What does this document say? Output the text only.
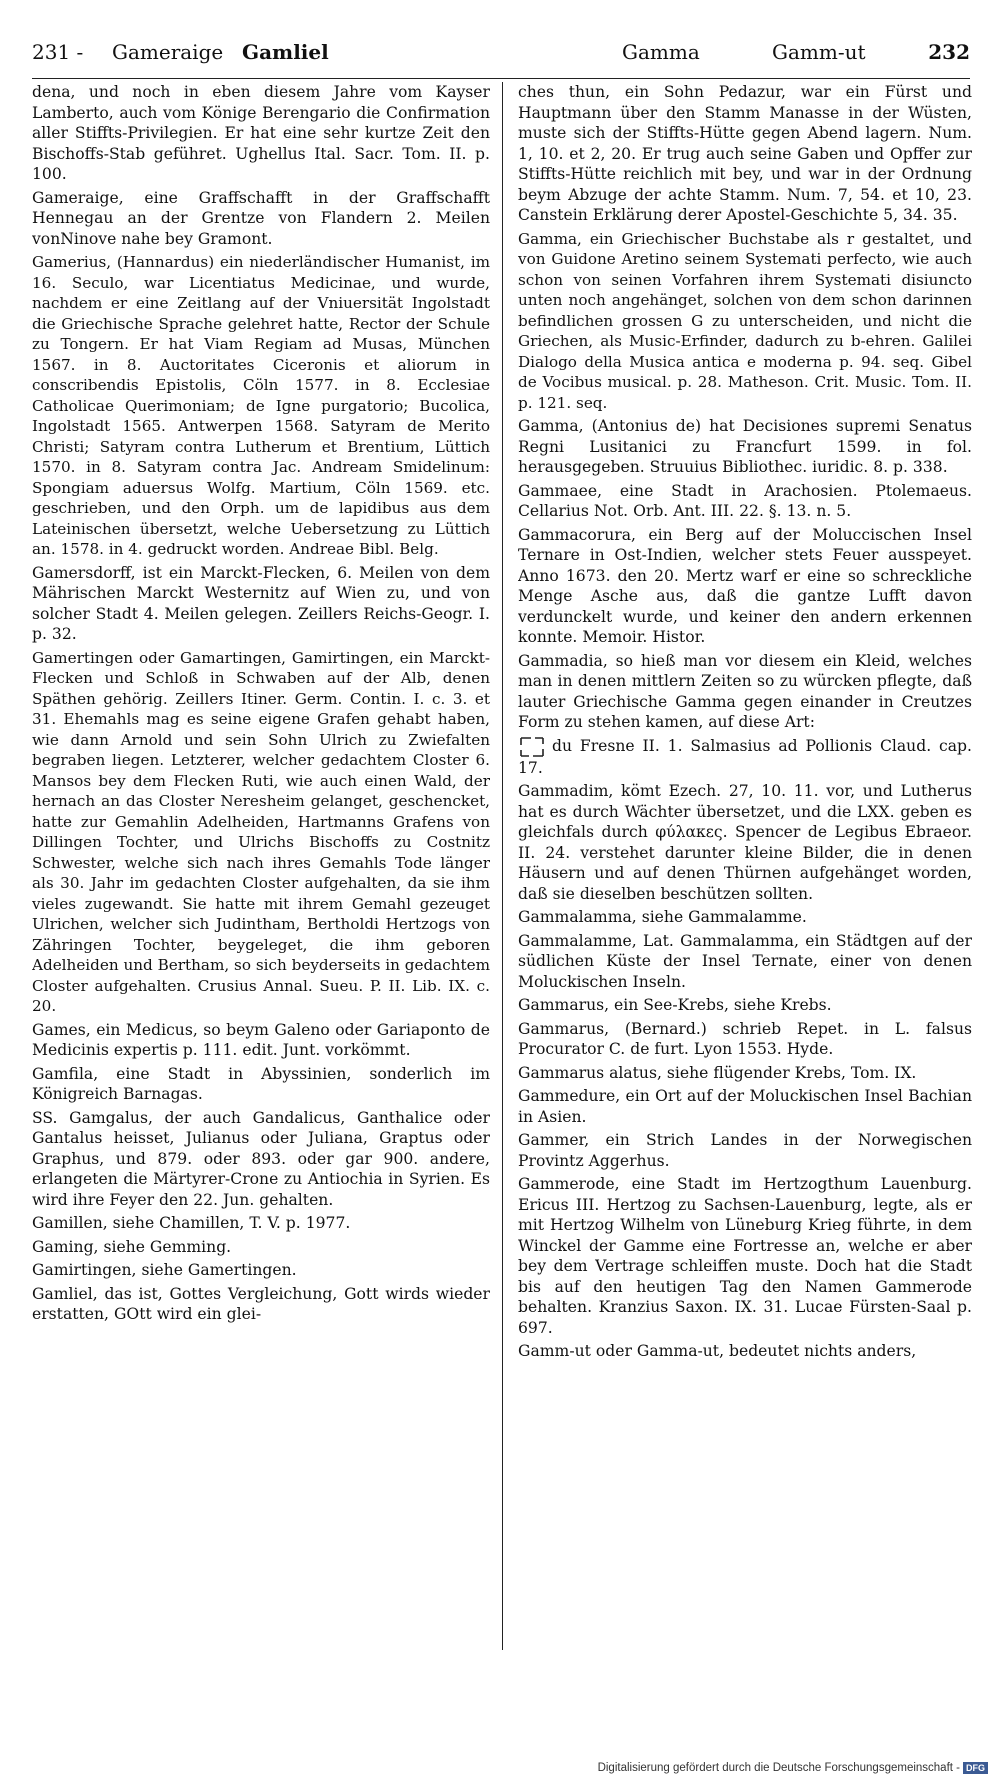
231 - Gameraige Gamliel	Gamma	Gamm-ut	232

dena, und noch in eben diesem Jahre vom Kayser Lamberto, auch vom Könige Berengario die Confirmation aller Stiffts-Privilegien. Er hat eine sehr kurtze Zeit den Bischoffs-Stab geführet. Ughellus Ital. Sacr. Tom. II. p. 100.

Gameraige, eine Graffschafft in der Graffschafft Hennegau an der Grentze von Flandern 2. Meilen vonNinove nahe bey Gramont.

Gamerius, (Hannardus) ein niederländischer Humanist, im 16. Seculo, war Licentiatus Medicinae, und wurde, nachdem er eine Zeitlang auf der Vniuersität Ingolstadt die Griechische Sprache gelehret hatte, Rector der Schule zu Tongern. Er hat Viam Regiam ad Musas, München 1567. in 8. Auctoritates Ciceronis et aliorum in conscribendis Epistolis, Cöln 1577. in 8. Ecclesiae Catholicae Querimoniam; de Igne purgatorio; Bucolica, Ingolstadt 1565. Antwerpen 1568. Satyram de Merito Christi; Satyram contra Lutherum et Brentium, Lüttich 1570. in 8. Satyram contra Jac. Andream Smidelinum: Spongiam aduersus Wolfg. Martium, Cöln 1569. etc. geschrieben, und den Orph. um de lapidibus aus dem Lateinischen übersetzt, welche Uebersetzung zu Lüttich an. 1578. in 4. gedruckt worden. Andreae Bibl. Belg.

Gamersdorff, ist ein Marckt-Flecken, 6. Meilen von dem Mährischen Marckt Westernitz auf Wien zu, und von solcher Stadt 4. Meilen gelegen. Zeillers Reichs-Geogr. I. p. 32.

Gamertingen oder Gamartingen, Gamirtingen, ein Marckt-Flecken und Schloß in Schwaben auf der Alb, denen Späthen gehörig. Zeillers Itiner. Germ. Contin. I. c. 3. et 31. Ehemahls mag es seine eigene Grafen gehabt haben, wie dann Arnold und sein Sohn Ulrich zu Zwiefalten begraben liegen. Letzterer, welcher gedachtem Closter 6. Mansos bey dem Flecken Ruti, wie auch einen Wald, der hernach an das Closter Neresheim gelanget, geschencket, hatte zur Gemahlin Adelheiden, Hartmanns Grafens von Dillingen Tochter, und Ulrichs Bischoffs zu Costnitz Schwester, welche sich nach ihres Gemahls Tode länger als 30. Jahr im gedachten Closter aufgehalten, da sie ihm vieles zugewandt. Sie hatte mit ihrem Gemahl gezeuget Ulrichen, welcher sich Judintham, Bertholdi Hertzogs von Zähringen Tochter, beygeleget, die ihm geboren Adelheiden und Bertham, so sich beyderseits in gedachtem Closter aufgehalten. Crusius Annal. Sueu. P. II. Lib. IX. c. 20.

Games, ein Medicus, so beym Galeno oder Gariaponto de Medicinis expertis p. 111. edit. Junt. vorkömmt.

Gamfila, eine Stadt in Abyssinien, sonderlich im Königreich Barnagas.

SS. Gamgalus, der auch Gandalicus, Ganthalice oder Gantalus heisset, Julianus oder Juliana, Graptus oder Graphus, und 879. oder 893. oder gar 900. andere, erlangeten die Märtyrer-Crone zu Antiochia in Syrien. Es wird ihre Feyer den 22. Jun. gehalten.

Gamillen, siehe Chamillen, T. V. p. 1977.

Gaming, siehe Gemming.

Gamirtingen, siehe Gamertingen.

Gamliel, das ist, Gottes Vergleichung, Gott wirds wieder erstatten, GOtt wird ein glei-

ches thun, ein Sohn Pedazur, war ein Fürst und Hauptmann über den Stamm Manasse in der Wüsten, muste sich der Stiffts-Hütte gegen Abend lagern. Num. 1, 10. et 2, 20. Er trug auch seine Gaben und Opffer zur Stiffts-Hütte reichlich mit bey, und war in der Ordnung beym Abzuge der achte Stamm. Num. 7, 54. et 10, 23. Canstein Erklärung derer Apostel-Geschichte 5, 34. 35.

Gamma, ein Griechischer Buchstabe als r gestaltet, und von Guidone Aretino seinem Systemati perfecto, wie auch schon von seinen Vorfahren ihrem Systemati disiuncto unten noch angehänget, solchen von dem schon darinnen befindlichen grossen G zu unterscheiden, und nicht die Griechen, als Music-Erfinder, dadurch zu b-ehren. Galilei Dialogo della Musica antica e moderna p. 94. seq. Gibel de Vocibus musical. p. 28. Matheson. Crit. Music. Tom. II. p. 121. seq.

Gamma, (Antonius de) hat Decisiones supremi Senatus Regni Lusitanici zu Francfurt 1599. in fol. herausgegeben. Struuius Bibliothec. iuridic. 8. p. 338.

Gammaee, eine Stadt in Arachosien. Ptolemaeus. Cellarius Not. Orb. Ant. III. 22. §. 13. n. 5.

Gammacorura, ein Berg auf der Moluccischen Insel Ternare in Ost-Indien, welcher stets Feuer ausspeyet. Anno 1673. den 20. Mertz warf er eine so schreckliche Menge Asche aus, daß die gantze Lufft davon verdunckelt wurde, und keiner den andern erkennen konnte. Memoir. Histor.

Gammadia, so hieß man vor diesem ein Kleid, welches man in denen mittlern Zeiten so zu würcken pflegte, daß lauter Griechische Gamma gegen einander in Creutzes Form zu stehen kamen, auf diese Art:

du Fresne II. 1. Salmasius ad Pollionis Claud. cap. 17.

Gammadim, kömt Ezech. 27, 10. 11. vor, und Lutherus hat es durch Wächter übersetzet, und die LXX. geben es gleichfals durch φύλακες. Spencer de Legibus Ebraeor. II. 24. verstehet darunter kleine Bilder, die in denen Häusern und auf denen Thürnen aufgehänget worden, daß sie dieselben beschützen sollten.

Gammalamma, siehe Gammalamme.

Gammalamme, Lat. Gammalamma, ein Städtgen auf der südlichen Küste der Insel Ternate, einer von denen Moluckischen Inseln.

Gammarus, ein See-Krebs, siehe Krebs.

Gammarus, (Bernard.) schrieb Repet. in L. falsus Procurator C. de furt. Lyon 1553. Hyde.

Gammarus alatus, siehe flügender Krebs, Tom. IX.

Gammedure, ein Ort auf der Moluckischen Insel Bachian in Asien.

Gammer, ein Strich Landes in der Norwegischen Provintz Aggerhus.

Gammerode, eine Stadt im Hertzogthum Lauenburg. Ericus III. Hertzog zu Sachsen-Lauenburg, legte, als er mit Hertzog Wilhelm von Lüneburg Krieg führte, in dem Winckel der Gamme eine Fortresse an, welche er aber bey dem Vertrage schleiffen muste. Doch hat die Stadt bis auf den heutigen Tag den Namen Gammerode behalten. Kranzius Saxon. IX. 31. Lucae Fürsten-Saal p. 697.

Gamm-ut oder Gamma-ut, bedeutet nichts anders,

Digitalisierung gefördert durch die Deutsche Forschungsgemeinschaft - DFG
